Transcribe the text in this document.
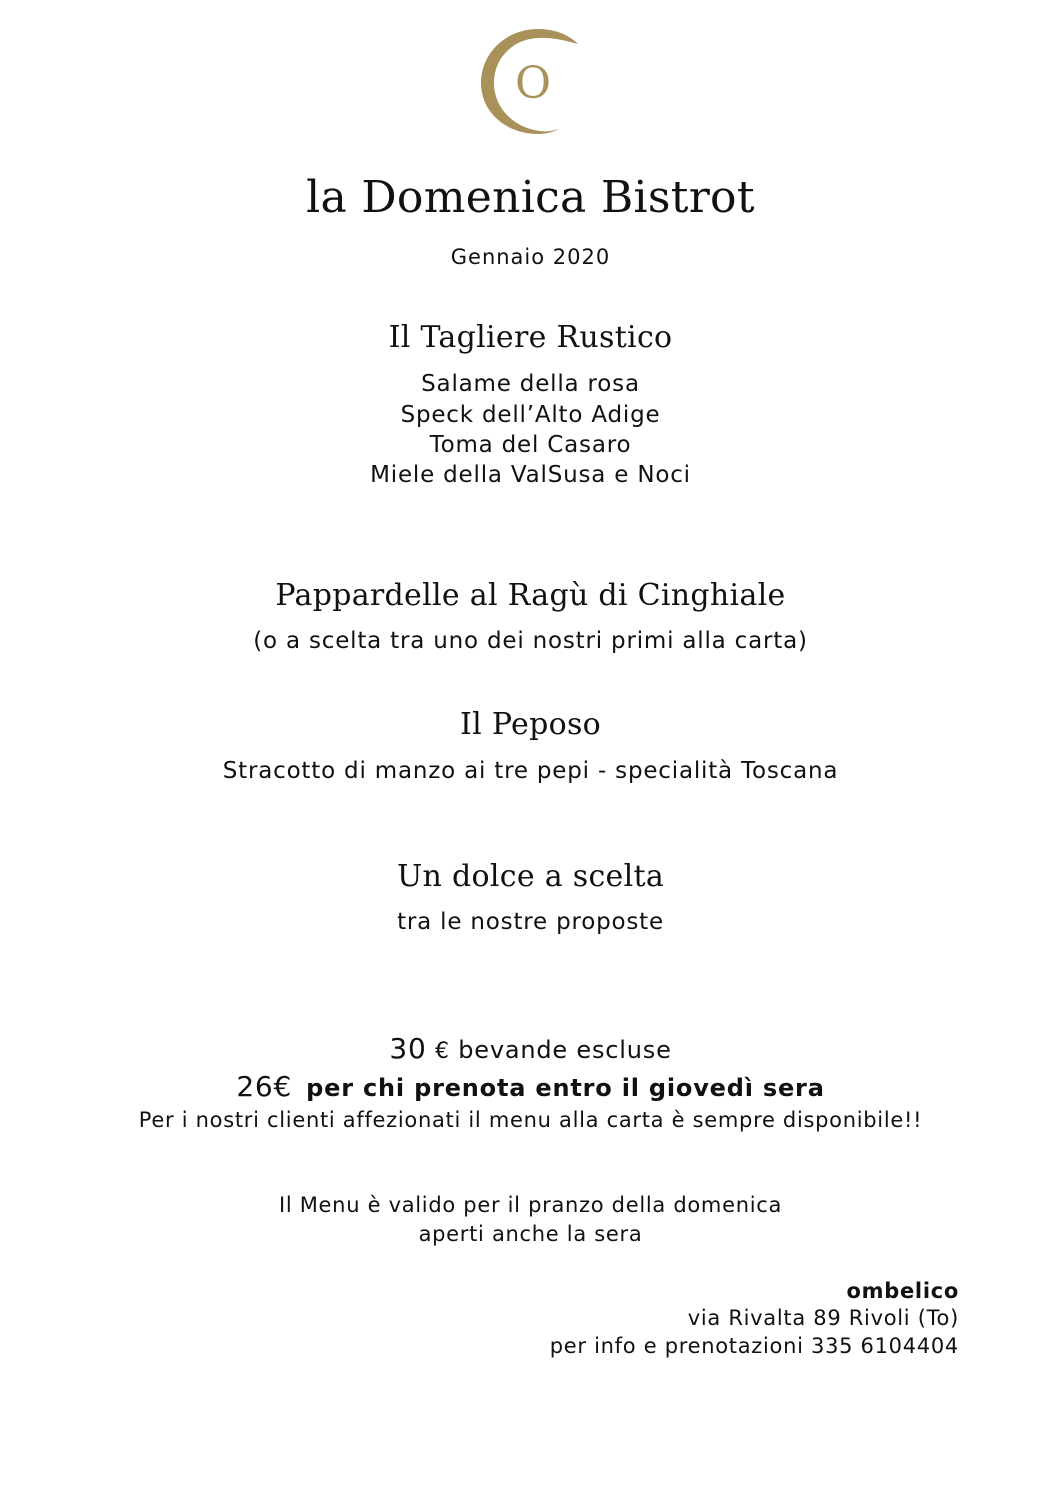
O
la Domenica Bistrot

Gennaio 2020

Il Tagliere Rustico

Salame della rosa

Speck dell’Alto Adige

Toma del Casaro

Miele della ValSusa e Noci

Pappardelle al Ragù di Cinghiale

(o a scelta tra uno dei nostri primi alla carta)

Il Peposo

Stracotto di manzo ai tre pepi - specialità Toscana

Un dolce a scelta

tra le nostre proposte

30 € bevande escluse

26€ per chi prenota entro il giovedì sera

Per i nostri clienti affezionati il menu alla carta è sempre disponibile!!

Il Menu è valido per il pranzo della domenica

aperti anche la sera

ombelico

via Rivalta 89 Rivoli (To)

per info e prenotazioni 335 6104404
